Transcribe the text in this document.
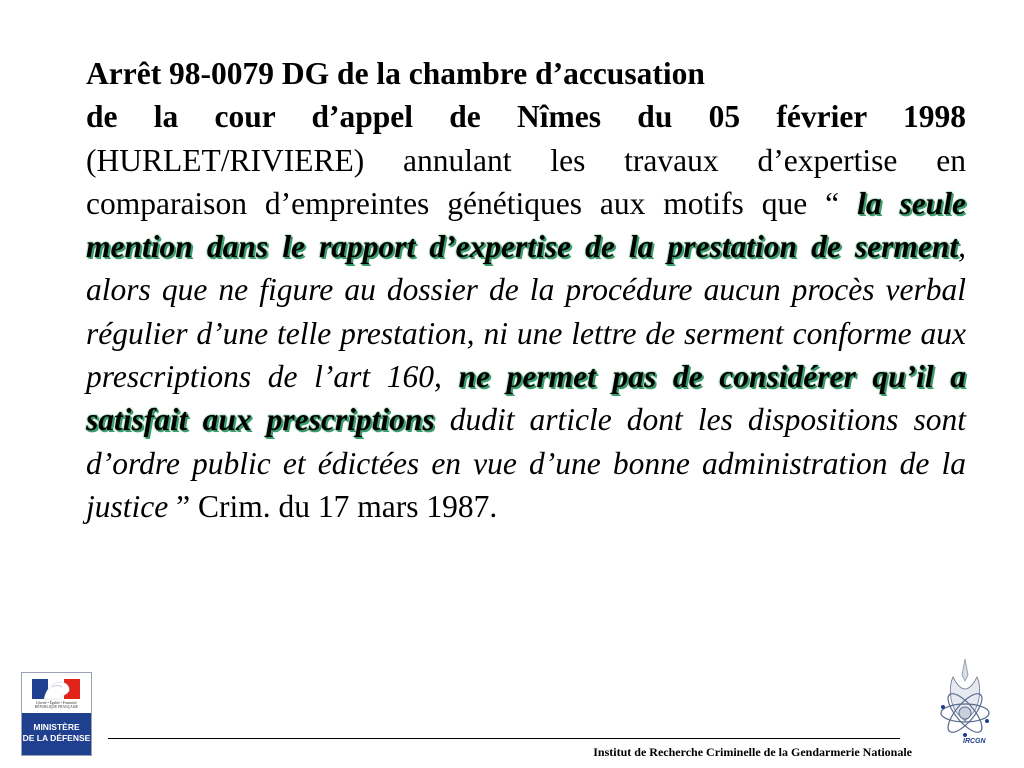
Arrêt 98-0079 DG de la chambre d’accusation
de la cour d’appel de Nîmes du 05 février 1998 (HURLET/RIVIERE) annulant les travaux d’expertise en comparaison d’empreintes génétiques aux motifs que “ la seule mention dans le rapport d’expertise de la prestation de serment, alors que ne figure au dossier de la procédure aucun procès verbal régulier d’une telle prestation, ni une lettre de serment conforme aux prescriptions de l’art 160, ne permet pas de considérer qu’il a satisfait aux prescriptions dudit article dont les dispositions sont d’ordre public et édictées en vue d’une bonne administration de la justice ” Crim. du 17 mars 1987.
Liberté • Égalité • Fraternité
RÉPUBLIQUE FRANÇAISE
MINISTÈRE
DE LA DÉFENSE
Institut de Recherche Criminelle de la Gendarmerie Nationale
IRCGN
